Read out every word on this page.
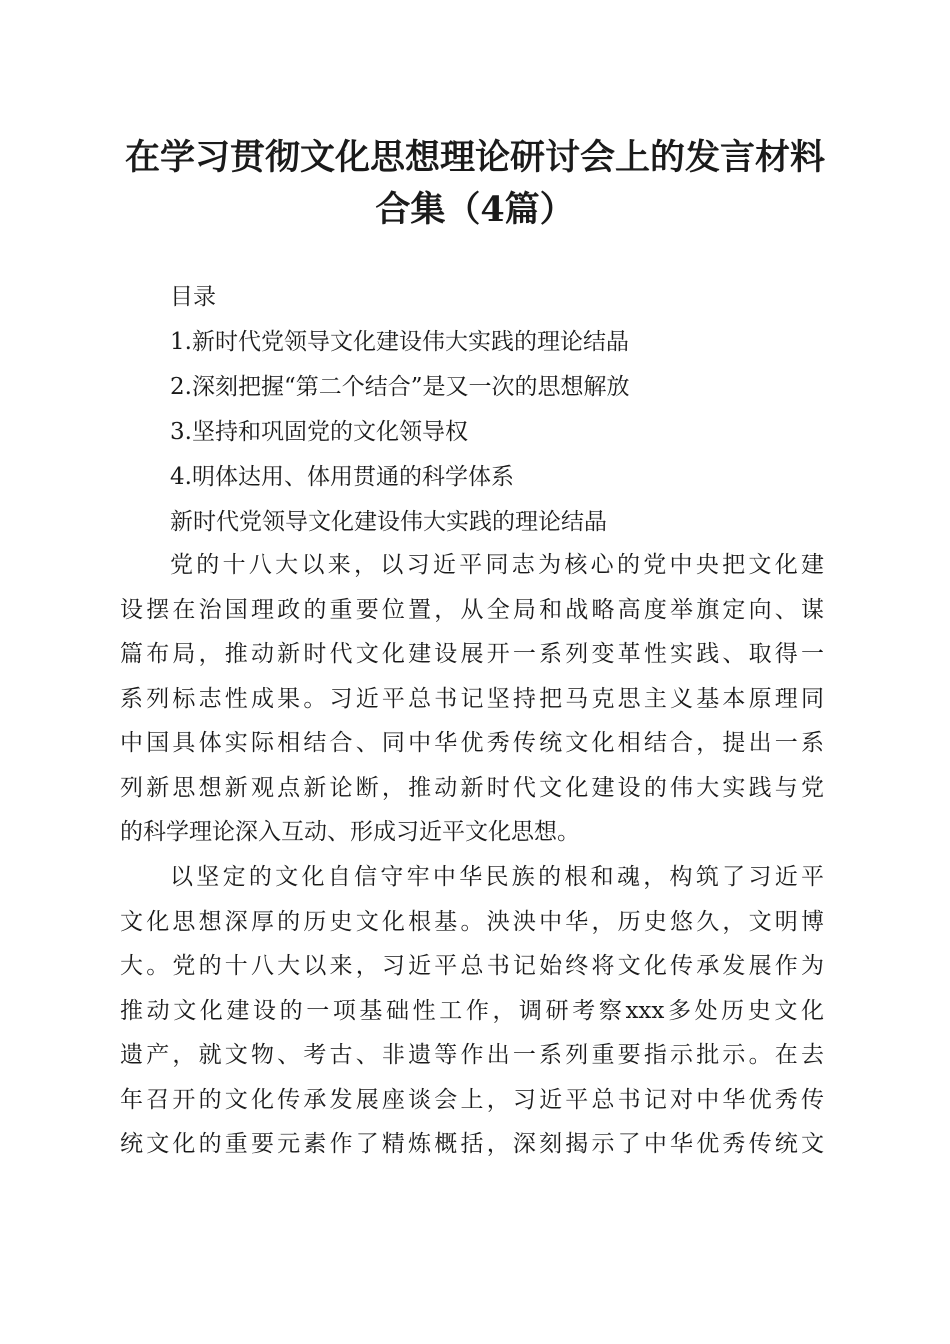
在学习贯彻文化思想理论研讨会上的发言材料合集（4篇）
目录
1.新时代党领导文化建设伟大实践的理论结晶
2.深刻把握“第二个结合”是又一次的思想解放
3.坚持和巩固党的文化领导权
4.明体达用、体用贯通的科学体系
新时代党领导文化建设伟大实践的理论结晶
党的十八大以来，以习近平同志为核心的党中央把文化建
设摆在治国理政的重要位置，从全局和战略高度举旗定向、谋
篇布局，推动新时代文化建设展开一系列变革性实践、取得一
系列标志性成果。习近平总书记坚持把马克思主义基本原理同
中国具体实际相结合、同中华优秀传统文化相结合，提出一系
列新思想新观点新论断，推动新时代文化建设的伟大实践与党
的科学理论深入互动、形成习近平文化思想。
以坚定的文化自信守牢中华民族的根和魂，构筑了习近平
文化思想深厚的历史文化根基。泱泱中华，历史悠久，文明博
大。党的十八大以来，习近平总书记始终将文化传承发展作为
推动文化建设的一项基础性工作，调研考察xxx多处历史文化
遗产，就文物、考古、非遗等作出一系列重要指示批示。在去
年召开的文化传承发展座谈会上，习近平总书记对中华优秀传
统文化的重要元素作了精炼概括，深刻揭示了中华优秀传统文
